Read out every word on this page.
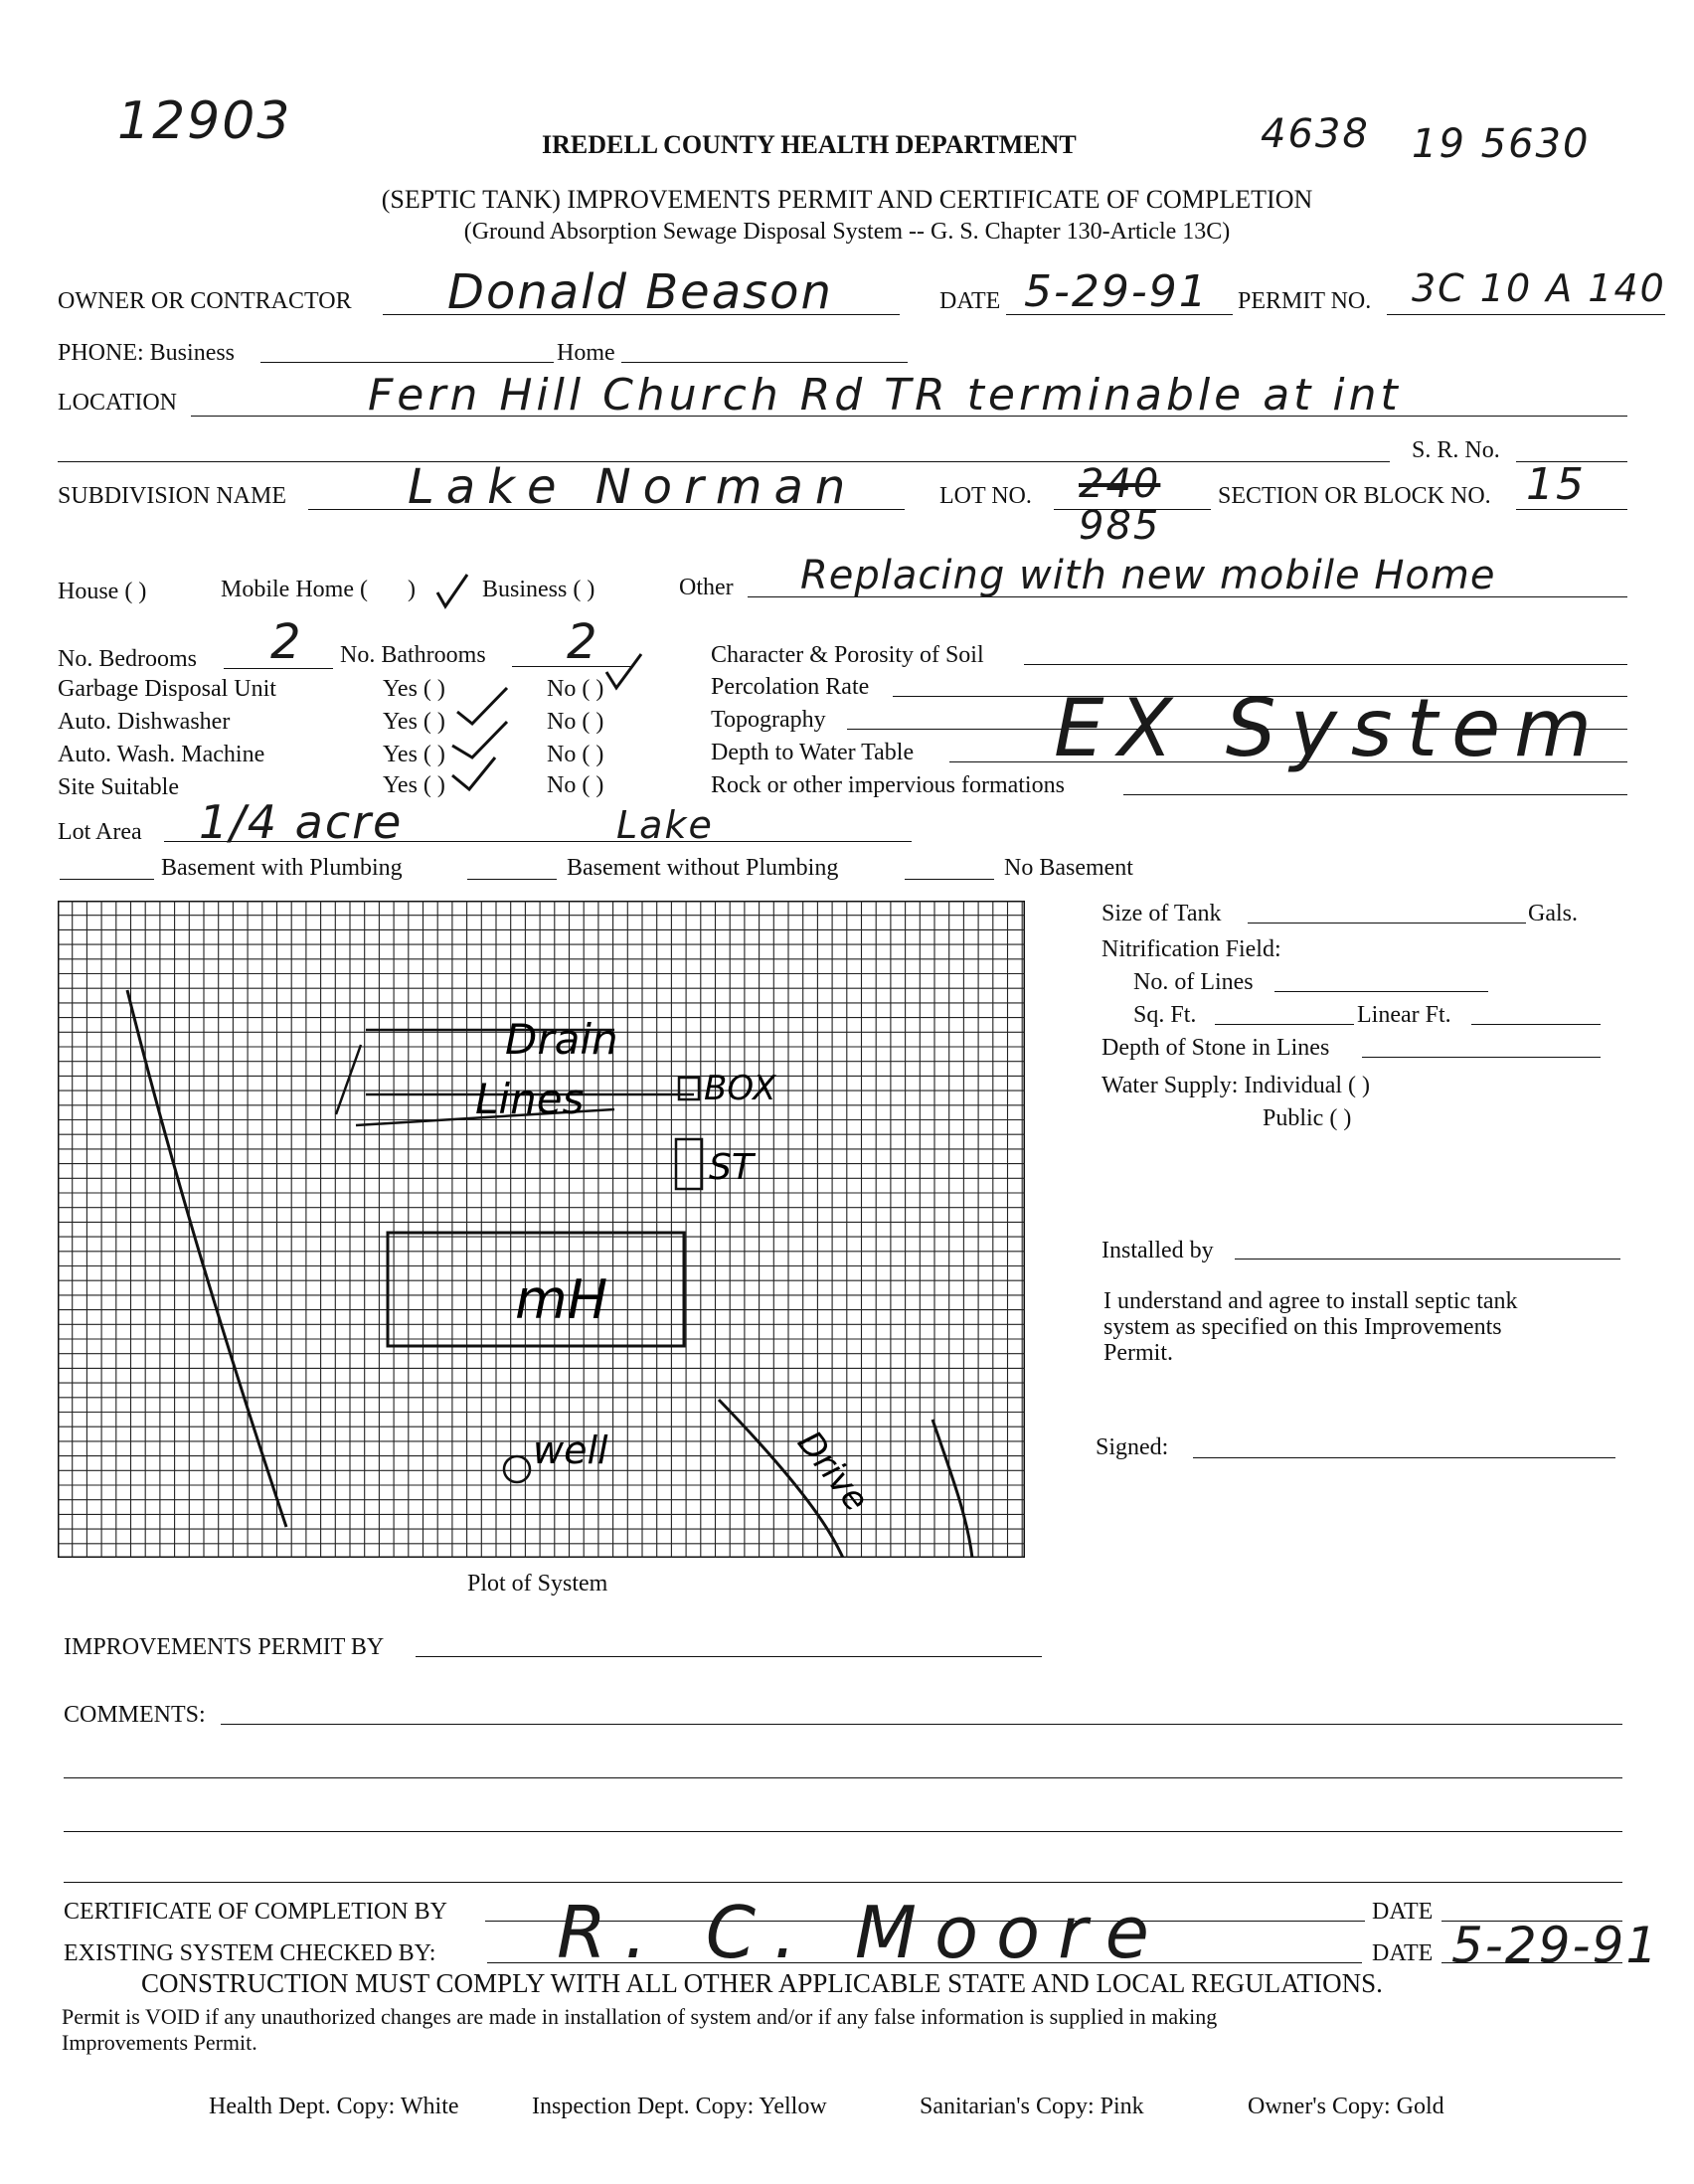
12903	4638 19 5630
IREDELL COUNTY HEALTH DEPARTMENT
(SEPTIC TANK) IMPROVEMENTS PERMIT AND CERTIFICATE OF COMPLETION
(Ground Absorption Sewage Disposal System -- G. S. Chapter 130-Article 13C)
OWNER OR CONTRACTOR Donald Beason	DATE 5-29-91 PERMIT NO. 3C 10 A 140
PHONE: Business	Home
LOCATION	Fern Hill Church Rd TR terminable at int
S. R. No.
SUBDIVISION NAME	Lake Norman	LOT NO. 240
985
SECTION OR BLOCK NO. 15
House ( )	Mobile Home ( )	Business ( )	Other Replacing with new mobile Home
No. Bedrooms 2 No. Bathrooms 2
Garbage Disposal Unit	Yes ( )	No ( )
Auto. Dishwasher	Yes ( )	No ( )
Auto. Wash. Machine	Yes ( )	No ( )
Site Suitable	Yes ( )	No ( )
Character & Porosity of Soil
Percolation Rate
Topography
Depth to Water Table
Rock or other impervious formations
EX System
Lot Area 1/4 acre	Lake
Basement with Plumbing	Basement without Plumbing	No Basement
Drain
Lines	BOX
ST
mH
well	Drive
Plot of System
Size of Tank	Gals.
Nitrification Field:
No. of Lines
Sq. Ft.	Linear Ft.
Depth of Stone in Lines
Water Supply: Individual ( )
Public ( )
Installed by
I understand and agree to install septic tank
system as specified on this Improvements
Permit.
Signed:
IMPROVEMENTS PERMIT BY
COMMENTS:
CERTIFICATE OF COMPLETION BY	DATE
EXISTING SYSTEM CHECKED BY: R. C. Moore	DATE 5-29-91
CONSTRUCTION MUST COMPLY WITH ALL OTHER APPLICABLE STATE AND LOCAL REGULATIONS.
Permit is VOID if any unauthorized changes are made in installation of system and/or if any false information is supplied in making
Improvements Permit.
Health Dept. Copy: White	Inspection Dept. Copy: Yellow	Sanitarian's Copy: Pink	Owner's Copy: Gold
